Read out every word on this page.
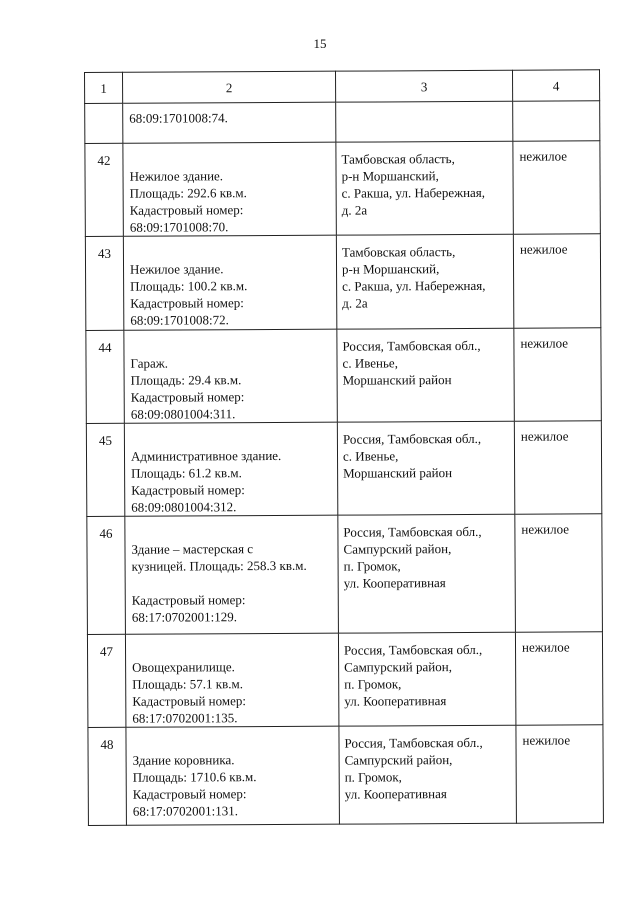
15
1	2	3	4

	68:09:1701008:74.		

42	Нежилое здание.
Площадь: 292.6 кв.м.
Кадастровый номер:
68:09:1701008:70.	Тамбовская область,
р-н Моршанский,
с. Ракша, ул. Набережная,
д. 2а	нежилое

43	Нежилое здание.
Площадь: 100.2 кв.м.
Кадастровый номер:
68:09:1701008:72.	Тамбовская область,
р-н Моршанский,
с. Ракша, ул. Набережная,
д. 2а	нежилое

44	Гараж.
Площадь: 29.4 кв.м.
Кадастровый номер:
68:09:0801004:311.	Россия, Тамбовская обл.,
с. Ивенье,
Моршанский район	нежилое

45	Административное здание.
Площадь: 61.2 кв.м.
Кадастровый номер:
68:09:0801004:312.	Россия, Тамбовская обл.,
с. Ивенье,
Моршанский район	нежилое

46	Здание – мастерская с
кузницей. Площадь: 258.3 кв.м.
Кадастровый номер:
68:17:0702001:129.	Россия, Тамбовская обл.,
Сампурский район,
п. Громок,
ул. Кооперативная	нежилое

47	Овощехранилище.
Площадь: 57.1 кв.м.
Кадастровый номер:
68:17:0702001:135.	Россия, Тамбовская обл.,
Сампурский район,
п. Громок,
ул. Кооперативная	нежилое

48	Здание коровника.
Площадь: 1710.6 кв.м.
Кадастровый номер:
68:17:0702001:131.	Россия, Тамбовская обл.,
Сампурский район,
п. Громок,
ул. Кооперативная	нежилое
